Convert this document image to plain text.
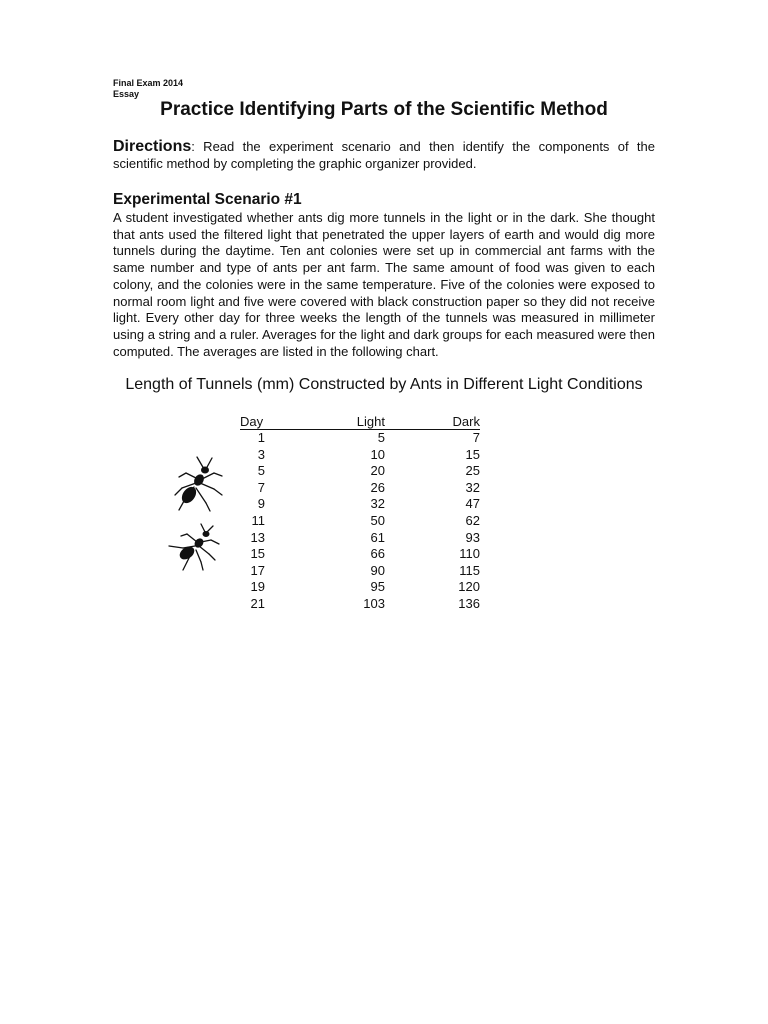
Final Exam 2014
Essay
Practice Identifying Parts of the Scientific Method
Directions: Read the experiment scenario and then identify the components of the scientific method by completing the graphic organizer provided.
Experimental Scenario #1
A student investigated whether ants dig more tunnels in the light or in the dark. She thought that ants used the filtered light that penetrated the upper layers of earth and would dig more tunnels during the daytime. Ten ant colonies were set up in commercial ant farms with the same number and type of ants per ant farm. The same amount of food was given to each colony, and the colonies were in the same temperature. Five of the colonies were exposed to normal room light and five were covered with black construction paper so they did not receive light. Every other day for three weeks the length of the tunnels was measured in millimeter using a string and a ruler. Averages for the light and dark groups for each measured were then computed. The averages are listed in the following chart.
Length of Tunnels (mm) Constructed by Ants in Different Light Conditions
Day	Light	Dark
1	5	7
3	10	15
5	20	25
7	26	32
9	32	47
11	50	62
13	61	93
15	66	110
17	90	115
19	95	120
21	103	136
